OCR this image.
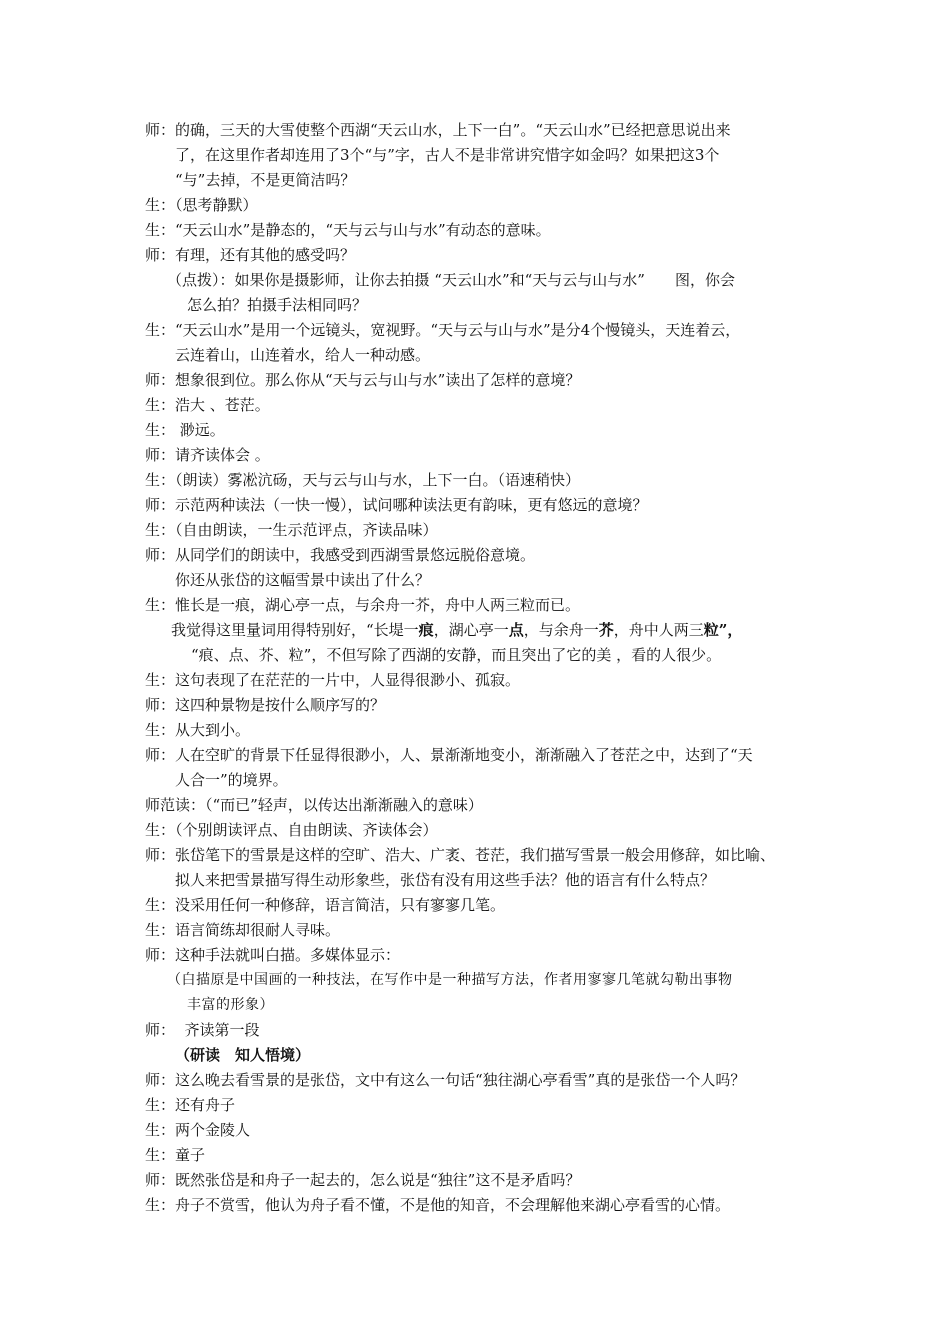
师：的确，三天的大雪使整个西湖“天云山水，上下一白”。“天云山水”已经把意思说出来
了，在这里作者却连用了3个“与”字，古人不是非常讲究惜字如金吗？如果把这3个
“与”去掉，不是更简洁吗？
生：（思考静默）
生：“天云山水”是静态的，“天与云与山与水”有动态的意味。
师：有理，还有其他的感受吗？
（点拨）：如果你是摄影师，让你去拍摄 “天云山水”和“天与云与山与水”　　图，你会
怎么拍？拍摄手法相同吗？
生：“天云山水”是用一个远镜头，宽视野。“天与云与山与水”是分4个慢镜头，天连着云，
云连着山，山连着水，给人一种动感。
师：想象很到位。那么你从“天与云与山与水”读出了怎样的意境？
生：浩大 、苍茫。
生： 渺远。
师：请齐读体会 。
生：（朗读）雾凇沆砀，天与云与山与水，上下一白。（语速稍快）
师：示范两种读法（一快一慢），试问哪种读法更有韵味，更有悠远的意境？
生：（自由朗读，一生示范评点，齐读品味）
师：从同学们的朗读中，我感受到西湖雪景悠远脱俗意境。
你还从张岱的这幅雪景中读出了什么？
生：惟长是一痕，湖心亭一点，与余舟一芥，舟中人两三粒而已。
我觉得这里量词用得特别好，“长堤一痕，湖心亭一点，与余舟一芥，舟中人两三粒”，
“痕、点、芥、粒”，不但写除了西湖的安静，而且突出了它的美 ，看的人很少。
生：这句表现了在茫茫的一片中，人显得很渺小、孤寂。
师：这四种景物是按什么顺序写的？
生：从大到小。
师：人在空旷的背景下任显得很渺小，人、景渐渐地变小，渐渐融入了苍茫之中，达到了“天
人合一”的境界。
师范读：（“而已”轻声，以传达出渐渐融入的意味）
生：（个别朗读评点、自由朗读、齐读体会）
师：张岱笔下的雪景是这样的空旷、浩大、广袤、苍茫，我们描写雪景一般会用修辞，如比喻、
拟人来把雪景描写得生动形象些，张岱有没有用这些手法？他的语言有什么特点？
生：没采用任何一种修辞，语言简洁，只有寥寥几笔。
生：语言简练却很耐人寻味。
师：这种手法就叫白描。多媒体显示：
（白描原是中国画的一种技法，在写作中是一种描写方法，作者用寥寥几笔就勾勒出事物
丰富的形象）
师：  齐读第一段
（研读　知人悟境）
师：这么晚去看雪景的是张岱，文中有这么一句话“独往湖心亭看雪”真的是张岱一个人吗？
生：还有舟子
生：两个金陵人
生：童子
师：既然张岱是和舟子一起去的，怎么说是“独往”这不是矛盾吗？
生：舟子不赏雪，他认为舟子看不懂，不是他的知音，不会理解他来湖心亭看雪的心情。
